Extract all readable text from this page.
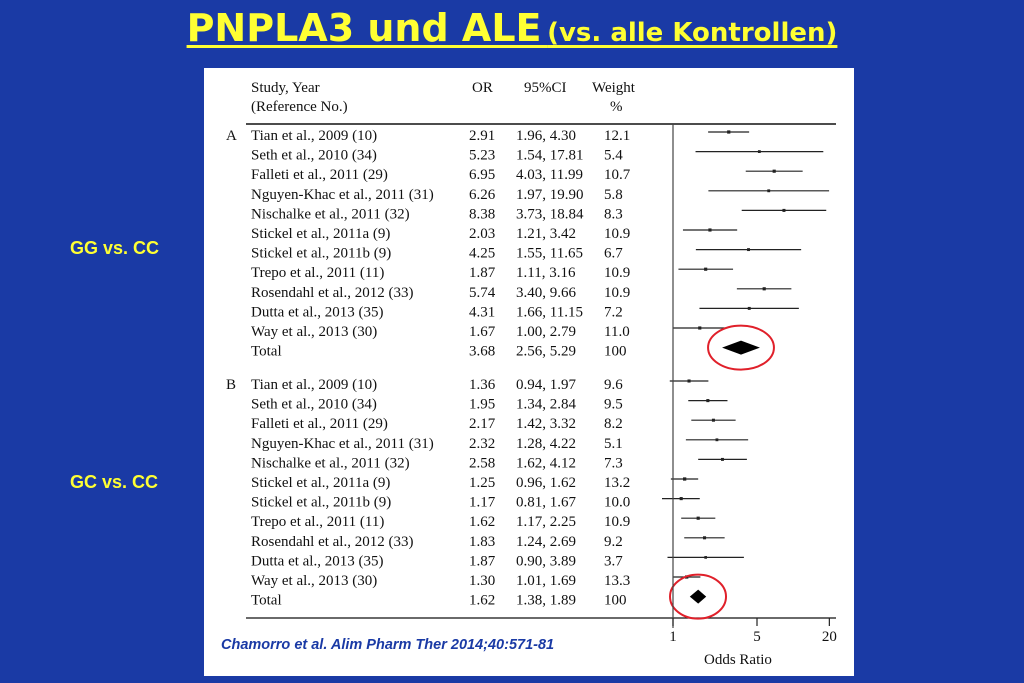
PNPLA3 und ALE (vs. alle Kontrollen)
GG vs. CC
GC vs. CC
Study, Year
(Reference No.)
OR 95%CI Weight
%
A Tian et al., 2009 (10)	2.91 1.96, 4.30 12.1
Seth et al., 2010 (34)	5.23 1.54, 17.81 5.4
Falleti et al., 2011 (29)	6.95 4.03, 11.99 10.7
Nguyen-Khac et al., 2011 (31) 6.26 1.97, 19.90 5.8
Nischalke et al., 2011 (32)	8.38 3.73, 18.84 8.3
Stickel et al., 2011a (9)	2.03 1.21, 3.42 10.9
Stickel et al., 2011b (9)	4.25 1.55, 11.65 6.7
Trepo et al., 2011 (11)	1.87 1.11, 3.16 10.9
Rosendahl et al., 2012 (33)	5.74 3.40, 9.66 10.9
Dutta et al., 2013 (35)	4.31 1.66, 11.15 7.2
Way et al., 2013 (30)	1.67 1.00, 2.79 11.0
Total	3.68 2.56, 5.29 100
B Tian et al., 2009 (10)	1.36 0.94, 1.97 9.6
Seth et al., 2010 (34)	1.95 1.34, 2.84 9.5
Falleti et al., 2011 (29)	2.17 1.42, 3.32 8.2
Nguyen-Khac et al., 2011 (31) 2.32 1.28, 4.22 5.1
Nischalke et al., 2011 (32)	2.58 1.62, 4.12 7.3
Stickel et al., 2011a (9)	1.25 0.96, 1.62 13.2
Stickel et al., 2011b (9)	1.17 0.81, 1.67 10.0
Trepo et al., 2011 (11)	1.62 1.17, 2.25 10.9
Rosendahl et al., 2012 (33)	1.83 1.24, 2.69 9.2
Dutta et al., 2013 (35)	1.87 0.90, 3.89 3.7
Way et al., 2013 (30)	1.30 1.01, 1.69 13.3
Total	1.62 1.38, 1.89 100
1	5	20
Odds Ratio
Chamorro et al. Alim Pharm Ther 2014;40:571-81
